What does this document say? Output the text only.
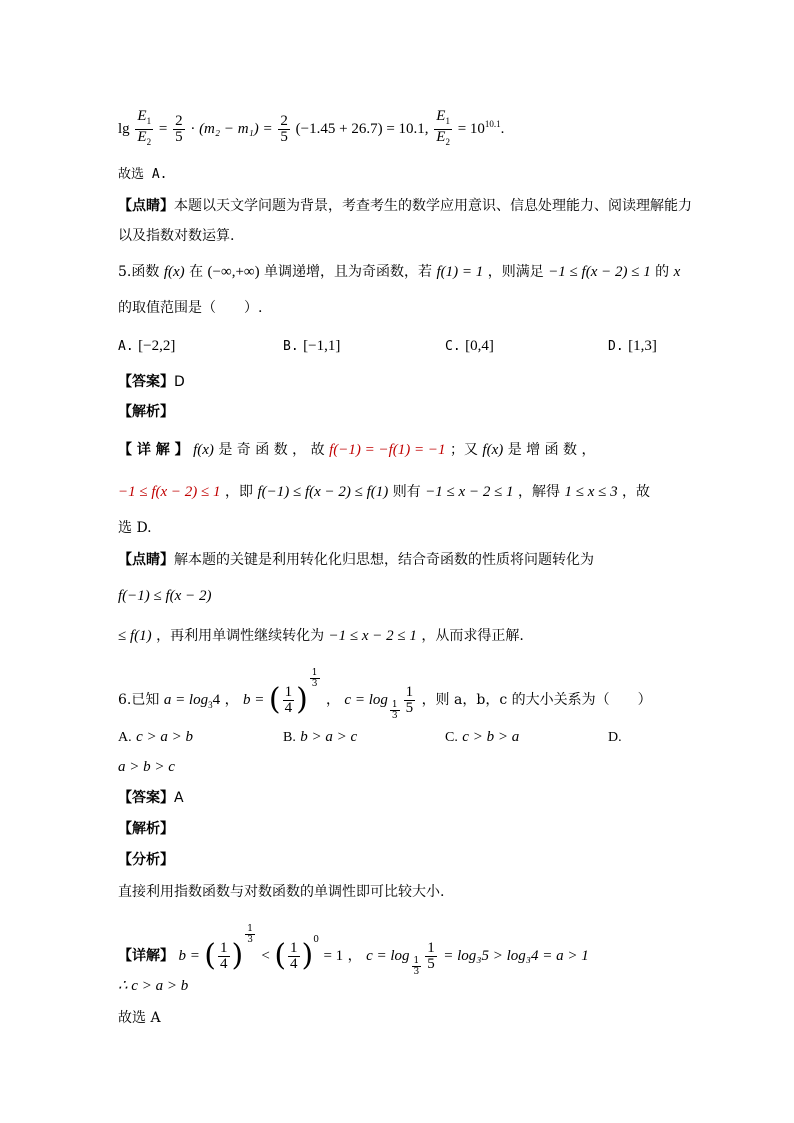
$\lg \frac{E_1}{E_2} = \frac{2}{5} \cdot (m_2 - m_1) = \frac{2}{5} (-1.45 + 26.7) = 10.1$, $\frac{E_1}{E_2} = 10^{10.1}$.
故选 A.
【点睛】本题以天文学问题为背景，考查考生的数学应用意识、信息处理能力、阅读理解能力
以及指数对数运算.
5.函数 f(x) 在 (−∞,+∞) 单调递增，且为奇函数，若 f(1) = 1 ，则满足 −1 ≤ f(x − 2) ≤ 1 的 x
的取值范围是（　　）.
A. [−2,2]	B. [−1,1]	C. [0,4]	D. [1,3]
【答案】D
【解析】
【 详 解 】 f(x) 是 奇 函 数 ， 故 f(−1) = −f(1) = −1 ；又 f(x) 是 增 函 数 ，
−1 ≤ f(x − 2) ≤ 1 ，即 f(−1) ≤ f(x − 2) ≤ f(1) 则有 −1 ≤ x − 2 ≤ 1 ，解得 1 ≤ x ≤ 3 ，故
选 D.
【点睛】解本题的关键是利用转化化归思想，结合奇函数的性质将问题转化为
f(−1) ≤ f(x − 2)
≤ f(1) ，再利用单调性继续转化为 −1 ≤ x − 2 ≤ 1 ，从而求得正解.
6.已知 $a = \log_34$ ， b = ( $\frac{1}{4}$ )
$^{\frac{1}{3}}$
， $c = \log _{\frac{1}{3}} \frac{1}{5}$ ，则 a，b，c 的大小关系为（　　）
A. c > a > b	B. b > a > c	C. c > b > a	D.
a > b > c
【答案】A
【解析】
【分析】
直接利用指数函数与对数函数的单调性即可比较大小.
【详解】 b = ( $\frac{1}{4}$ )
$^{\frac{1}{3}}$
< ( $\frac{1}{4} )^0 = 1$ ， $c = \log _{\frac{1}{3}} \frac{1}{5} = \log_35 > \log_34 = a > 1$
∴ c > a > b
故选 A
